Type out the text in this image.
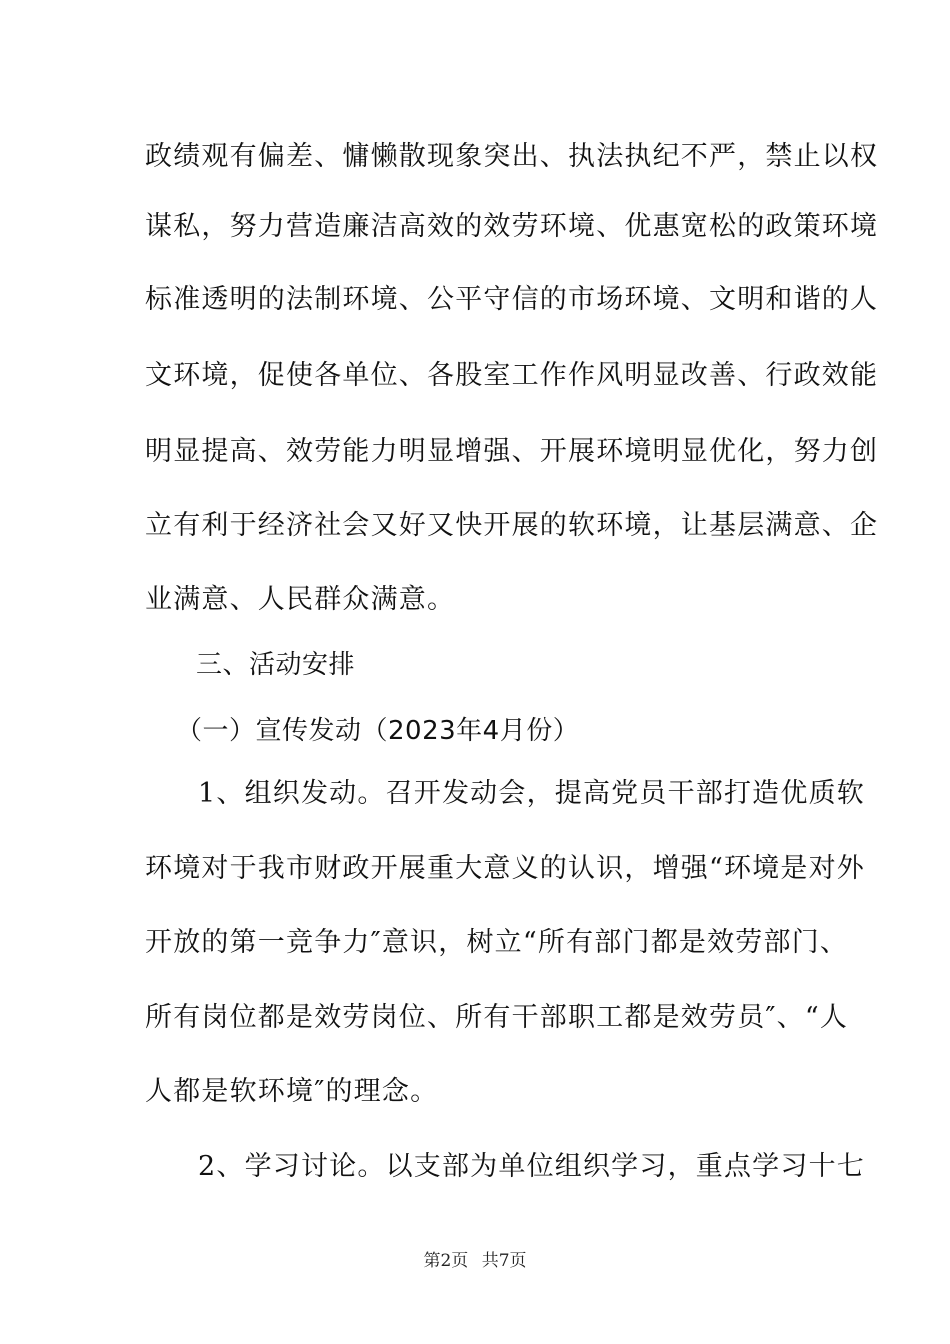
政绩观有偏差、慵懒散现象突出、执法执纪不严，禁止以权
谋私，努力营造廉洁高效的效劳环境、优惠宽松的政策环境
标准透明的法制环境、公平守信的市场环境、文明和谐的人
文环境，促使各单位、各股室工作作风明显改善、行政效能
明显提高、效劳能力明显增强、开展环境明显优化，努力创
立有利于经济社会又好又快开展的软环境，让基层满意、企
业满意、人民群众满意。
三、活动安排
（一）宣传发动（2023年4月份）
1、组织发动。召开发动会，提高党员干部打造优质软
环境对于我市财政开展重大意义的认识，增强“环境是对外
开放的第一竞争力″意识，树立“所有部门都是效劳部门、
所有岗位都是效劳岗位、所有干部职工都是效劳员″、“人
人都是软环境″的理念。
2、学习讨论。以支部为单位组织学习，重点学习十七
第2页 共7页
